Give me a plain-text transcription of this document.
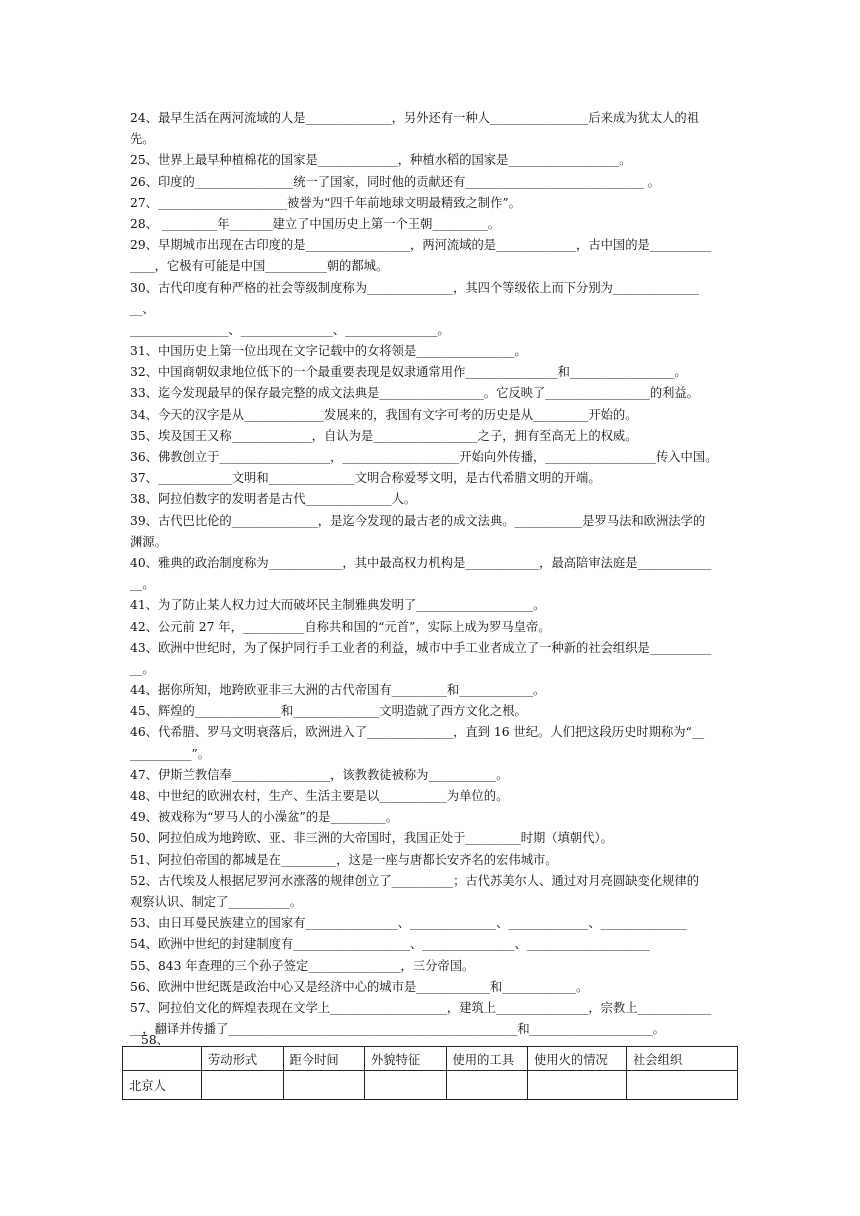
24、最早生活在两河流域的人是______________，另外还有一种人________________后来成为犹太人的祖
先。
25、世界上最早种植棉花的国家是_____________，种植水稻的国家是__________________。
26、印度的________________统一了国家，同时他的贡献还有_____________________________ 。
27、_____________________被誉为“四千年前地球文明最精致之制作”。
28、 _________年_______建立了中国历史上第一个王朝_________。
29、早期城市出现在古印度的是_________________，两河流域的是_____________，古中国的是__________
____，它极有可能是中国__________朝的都城。
30、古代印度有种严格的社会等级制度称为______________，其四个等级依上而下分别为______________
__、
________________、_______________、_______________。
31、中国历史上第一位出现在文字记载中的女将领是________________。
32、中国商朝奴隶地位低下的一个最重要表现是奴隶通常用作_______________和_________________。
33、迄今发现最早的保存最完整的成文法典是_________________。它反映了_________________的利益。
34、今天的汉字是从_____________发展来的，我国有文字可考的历史是从_________开始的。
35、埃及国王又称_____________，自认为是_________________之子，拥有至高无上的权威。
36、佛教创立于__________________，___________________开始向外传播，__________________传入中国。
37、____________文明和______________文明合称爱琴文明，是古代希腊文明的开端。
38、阿拉伯数字的发明者是古代______________人。
39、古代巴比伦的______________，是迄今发现的最古老的成文法典。___________是罗马法和欧洲法学的
渊源。
40、雅典的政治制度称为____________，其中最高权力机构是____________，最高陪审法庭是____________
__。
41、为了防止某人权力过大而破坏民主制雅典发明了___________________。
42、公元前 27 年，__________自称共和国的“元首”，实际上成为罗马皇帝。
43、欧洲中世纪时，为了保护同行手工业者的利益，城市中手工业者成立了一种新的社会组织是__________
__。
44、据你所知，地跨欧亚非三大洲的古代帝国有_________和____________。
45、辉煌的______________和______________文明造就了西方文化之根。
46、代希腊、罗马文明衰落后，欧洲进入了______________，直到 16 世纪。人们把这段历史时期称为“__
__________”。
47、伊斯兰教信奉________________，该教教徒被称为___________。
48、中世纪的欧洲农村，生产、生活主要是以___________为单位的。
49、被戏称为“罗马人的小澡盆”的是_________。
50、阿拉伯成为地跨欧、亚、非三洲的大帝国时，我国正处于_________时期（填朝代）。
51、阿拉伯帝国的都城是在_________，这是一座与唐都长安齐名的宏伟城市。
52、古代埃及人根据尼罗河水涨落的规律创立了__________；古代苏美尔人、通过对月亮圆缺变化规律的
观察认识、制定了__________。
53、由日耳曼民族建立的国家有_______________、______________、_____________、______________
54、欧洲中世纪的封建制度有___________________、_______________、____________________
55、843 年查理的三个孙子签定_______________，三分帝国。
56、欧洲中世纪既是政治中心又是经济中心的城市是____________和____________。
57、阿拉伯文化的辉煌表现在文学上___________________，建筑上_______________，宗教上____________
__，翻译并传播了_______________________________________________和____________________。
58、
	劳动形式	距今时间	外貌特征	使用的工具	使用火的情况	社会组织
北京人						
